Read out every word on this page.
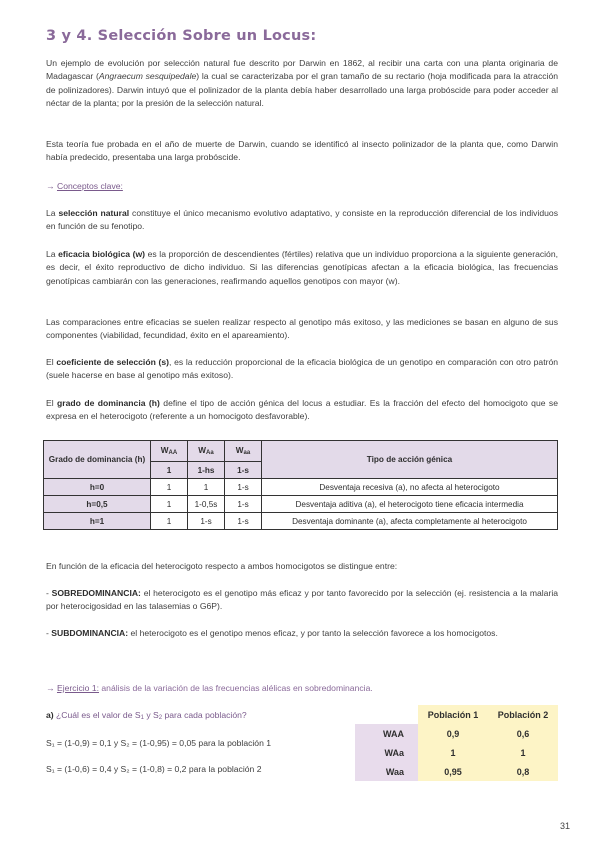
3 y 4. Selección Sobre un Locus:

Un ejemplo de evolución por selección natural fue descrito por Darwin en 1862, al recibir una carta con una planta originaria de Madagascar (Angraecum sesquipedale) la cual se caracterizaba por el gran tamaño de su rectario (hoja modificada para la atracción de polinizadores). Darwin intuyó que el polinizador de la planta debía haber desarrollado una larga probóscide para poder acceder al néctar de la planta; por la presión de la selección natural.

Esta teoría fue probada en el año de muerte de Darwin, cuando se identificó al insecto polinizador de la planta que, como Darwin había predecido, presentaba una larga probóscide.

→ Conceptos clave:

La selección natural constituye el único mecanismo evolutivo adaptativo, y consiste en la reproducción diferencial de los individuos en función de su fenotipo.

La eficacia biológica (w) es la proporción de descendientes (fértiles) relativa que un individuo proporciona a la siguiente generación, es decir, el éxito reproductivo de dicho individuo. Si las diferencias genotípicas afectan a la eficacia biológica, las frecuencias genotípicas cambiarán con las generaciones, reafirmando aquellos genotipos con mayor (w).

Las comparaciones entre eficacias se suelen realizar respecto al genotipo más exitoso, y las mediciones se basan en alguno de sus componentes (viabilidad, fecundidad, éxito en el apareamiento).

El coeficiente de selección (s), es la reducción proporcional de la eficacia biológica de un genotipo en comparación con otro patrón (suele hacerse en base al genotipo más exitoso).

El grado de dominancia (h) define el tipo de acción génica del locus a estudiar. Es la fracción del efecto del homocigoto que se expresa en el heterocigoto (referente a un homocigoto desfavorable).

Grado de dominancia (h)	$W_{AA}$	$W_{Aa}$	$W_{aa}$	Tipo de acción génica
	1	1-hs	1-s	
h=0	1	1	1-s	Desventaja recesiva (a), no afecta al heterocigoto
h=0,5	1	1-0,5s	1-s	Desventaja aditiva (a), el heterocigoto tiene eficacia intermedia
h=1	1	1-s	1-s	Desventaja dominante (a), afecta completamente al heterocigoto

En función de la eficacia del heterocigoto respecto a ambos homocigotos se distingue entre:

- SOBREDOMINANCIA: el heterocigoto es el genotipo más eficaz y por tanto favorecido por la selección (ej. resistencia a la malaria por heterocigosidad en las talasemias o G6P).

- SUBDOMINANCIA: el heterocigoto es el genotipo menos eficaz, y por tanto la selección favorece a los homocigotos.

→ Ejercicio 1: análisis de la variación de las frecuencias alélicas en sobredominancia.

a) ¿Cuál es el valor de $S_1$ y $S_2$ para cada población?

S₁ = (1-0,9) = 0,1 y S₂ = (1-0,95) = 0,05 para la población 1

S₁ = (1-0,6) = 0,4 y S₂ = (1-0,8) = 0,2 para la población 2

	Población 1	Población 2
WAA	0,9	0,6
WAa	1	1
Waa	0,95	0,8
31
